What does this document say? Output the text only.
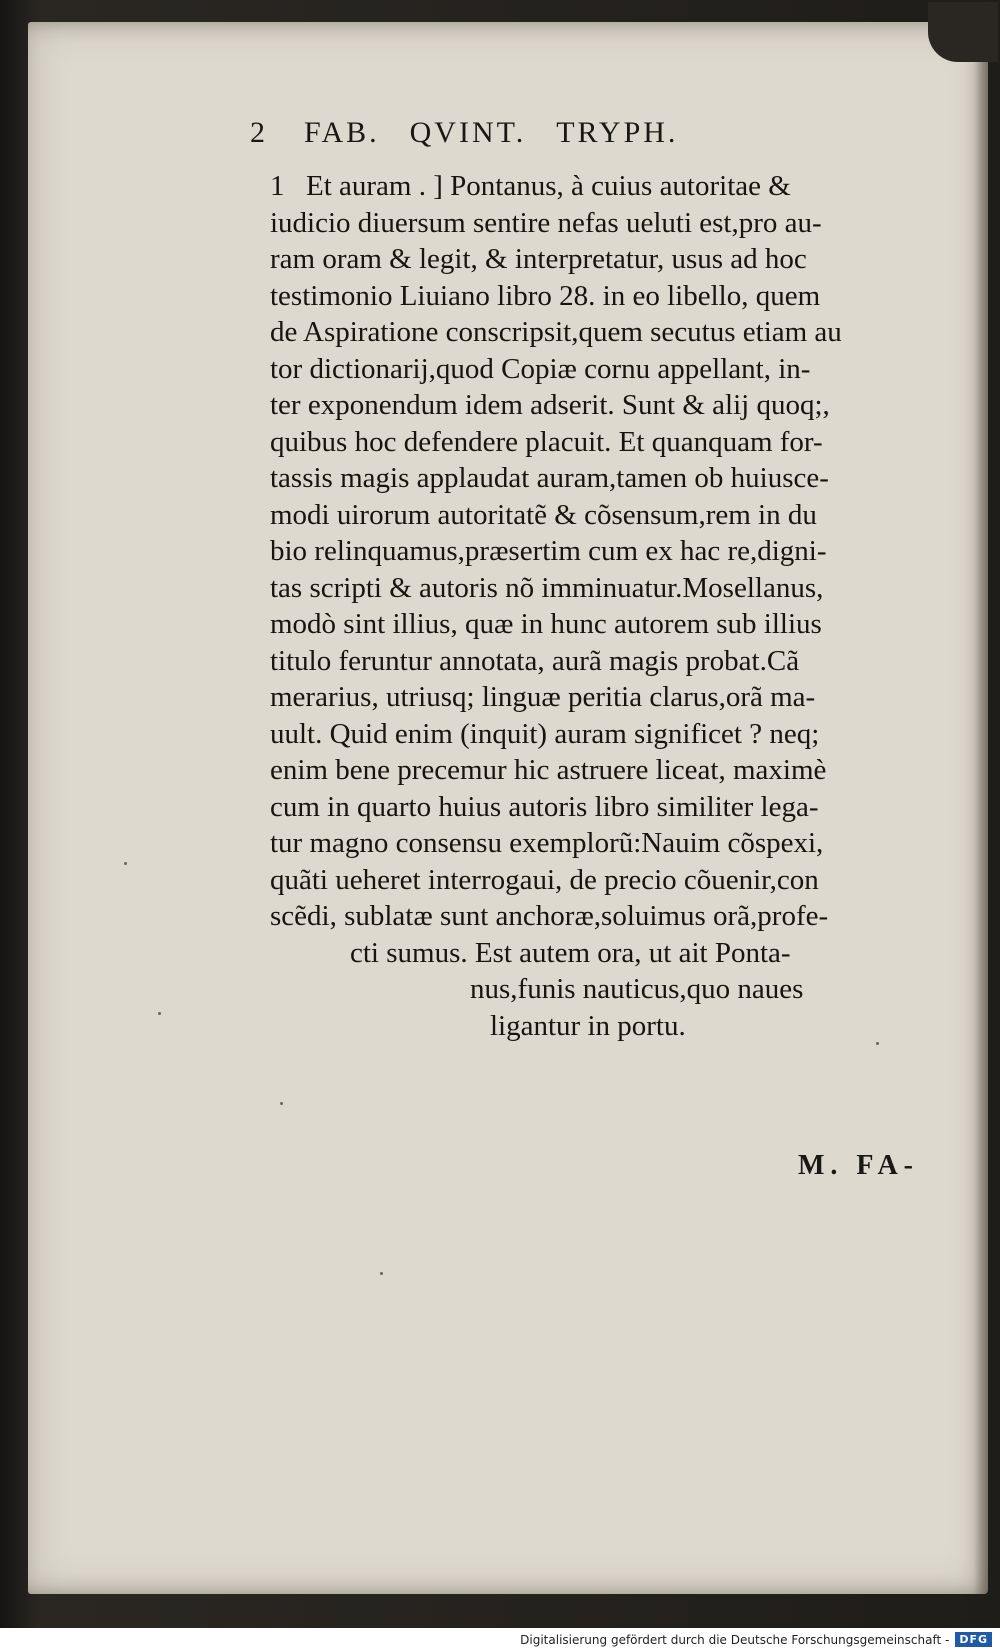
2 FAB. QVINT. TRYPH.
1 Et auram . ] Pontanus, à cuius autoritae &
iudicio diuersum sentire nefas ueluti est,pro au-
ram oram & legit, & interpretatur, usus ad hoc
testimonio Liuiano libro 28. in eo libello, quem
de Aspiratione conscripsit,quem secutus etiam au
tor dictionarij,quod Copiæ cornu appellant, in-
ter exponendum idem adserit. Sunt & alij quoq;,
quibus hoc defendere placuit. Et quanquam for-
tassis magis applaudat auram,tamen ob huiusce-
modi uirorum autoritatẽ & cõsensum,rem in du
bio relinquamus,præsertim cum ex hac re,digni-
tas scripti & autoris nõ imminuatur.Mosellanus,
modò sint illius, quæ in hunc autorem sub illius
titulo feruntur annotata, aurã magis probat.Cã
merarius, utriusq; linguæ peritia clarus,orã ma-
uult. Quid enim (inquit) auram significet ? neq;
enim bene precemur hic astruere liceat, maximè
cum in quarto huius autoris libro similiter lega-
tur magno consensu exemplorũ:Nauim cõspexi,
quãti ueheret interrogaui, de precio cõuenir,con
scẽdi, sublatæ sunt anchoræ,soluimus orã,profe-
cti sumus. Est autem ora, ut ait Ponta-
nus,funis nauticus,quo naues
ligantur in portu.
M. FA-
Digitalisierung gefördert durch die Deutsche Forschungsgemeinschaft - DFG
